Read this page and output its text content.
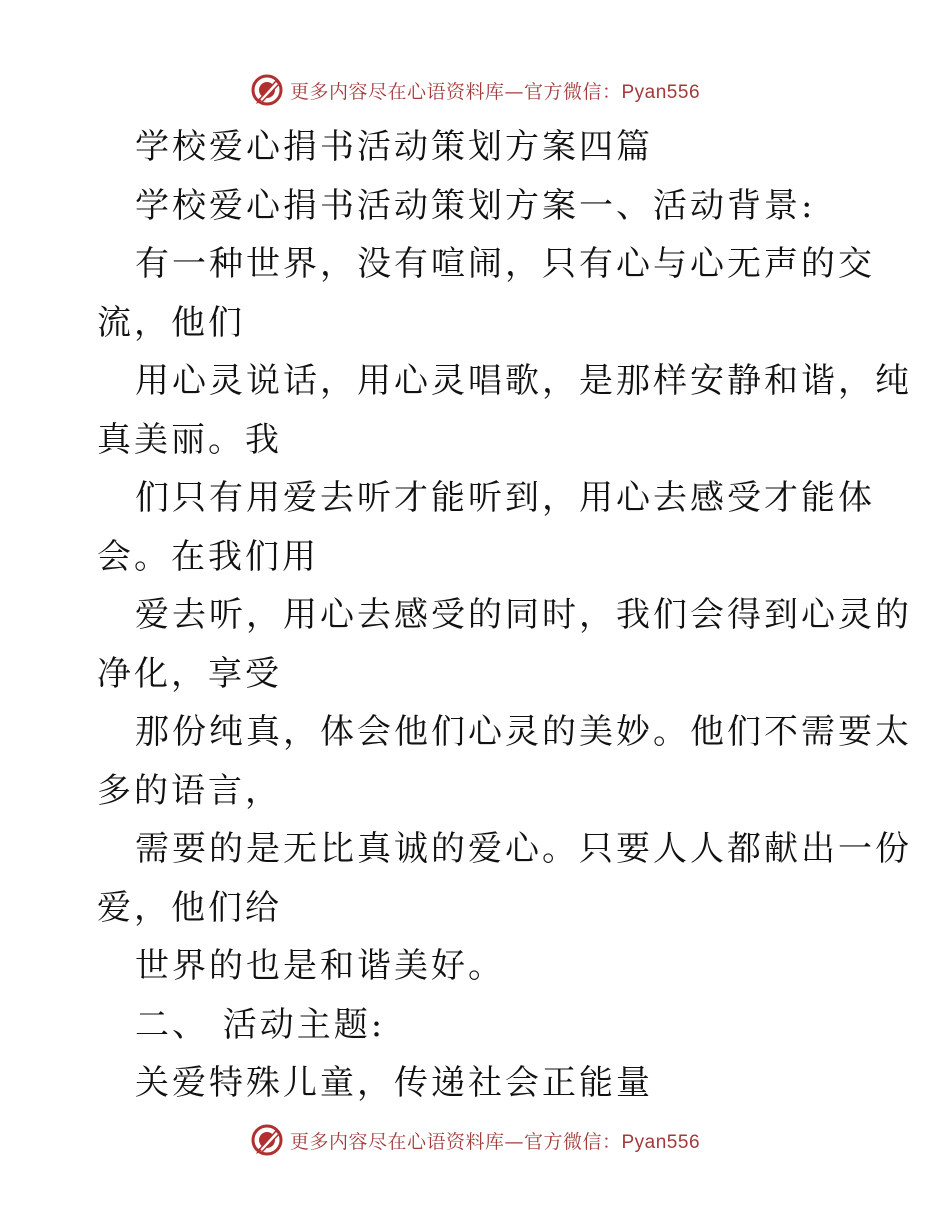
更多内容尽在心语资料库—官方微信：Pyan556
学校爱心捐书活动策划方案四篇
学校爱心捐书活动策划方案一、活动背景:
有一种世界，没有喧闹，只有心与心无声的交
流，他们
用心灵说话，用心灵唱歌，是那样安静和谐，纯
真美丽。我
们只有用爱去听才能听到，用心去感受才能体
会。在我们用
爱去听，用心去感受的同时，我们会得到心灵的
净化，享受
那份纯真，体会他们心灵的美妙。他们不需要太
多的语言，
需要的是无比真诚的爱心。只要人人都献出一份
爱，他们给
世界的也是和谐美好。
二、 活动主题:
关爱特殊儿童，传递社会正能量
更多内容尽在心语资料库—官方微信：Pyan556
